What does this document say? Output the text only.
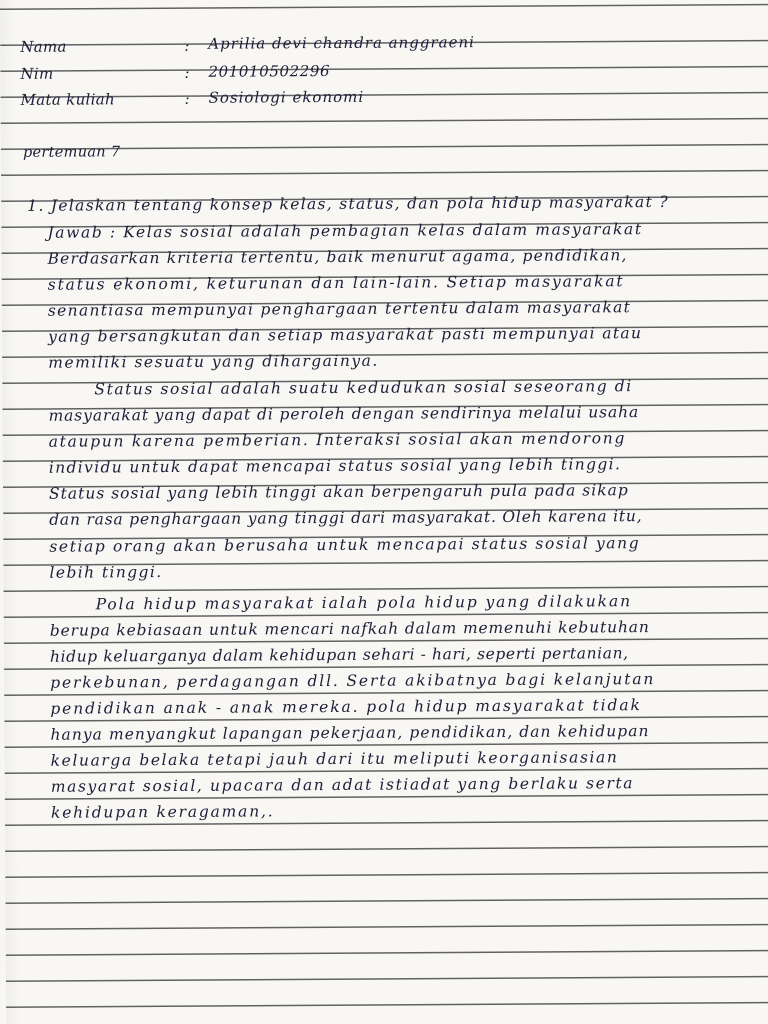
Nama	: Aprilia devi chandra anggraeni
Nim	: 201010502296
Mata kuliah	: Sosiologi ekonomi
pertemuan 7
1. Jelaskan tentang konsep kelas, status, dan pola hidup masyarakat ?
Jawab : Kelas sosial adalah pembagian kelas dalam masyarakat
Berdasarkan kriteria tertentu, baik menurut agama, pendidikan,
status ekonomi, keturunan dan lain-lain. Setiap masyarakat
senantiasa mempunyai penghargaan tertentu dalam masyarakat
yang bersangkutan dan setiap masyarakat pasti mempunyai atau
memiliki sesuatu yang dihargainya.
Status sosial adalah suatu kedudukan sosial seseorang di
masyarakat yang dapat di peroleh dengan sendirinya melalui usaha
ataupun karena pemberian. Interaksi sosial akan mendorong
individu untuk dapat mencapai status sosial yang lebih tinggi.
Status sosial yang lebih tinggi akan berpengaruh pula pada sikap
dan rasa penghargaan yang tinggi dari masyarakat. Oleh karena itu,
setiap orang akan berusaha untuk mencapai status sosial yang
lebih tinggi.
Pola hidup masyarakat ialah pola hidup yang dilakukan
berupa kebiasaan untuk mencari nafkah dalam memenuhi kebutuhan
hidup keluarganya dalam kehidupan sehari - hari, seperti pertanian,
perkebunan, perdagangan dll. Serta akibatnya bagi kelanjutan
pendidikan anak - anak mereka. pola hidup masyarakat tidak
hanya menyangkut lapangan pekerjaan, pendidikan, dan kehidupan
keluarga belaka tetapi jauh dari itu meliputi keorganisasian
masyarat sosial, upacara dan adat istiadat yang berlaku serta
kehidupan keragaman,.
